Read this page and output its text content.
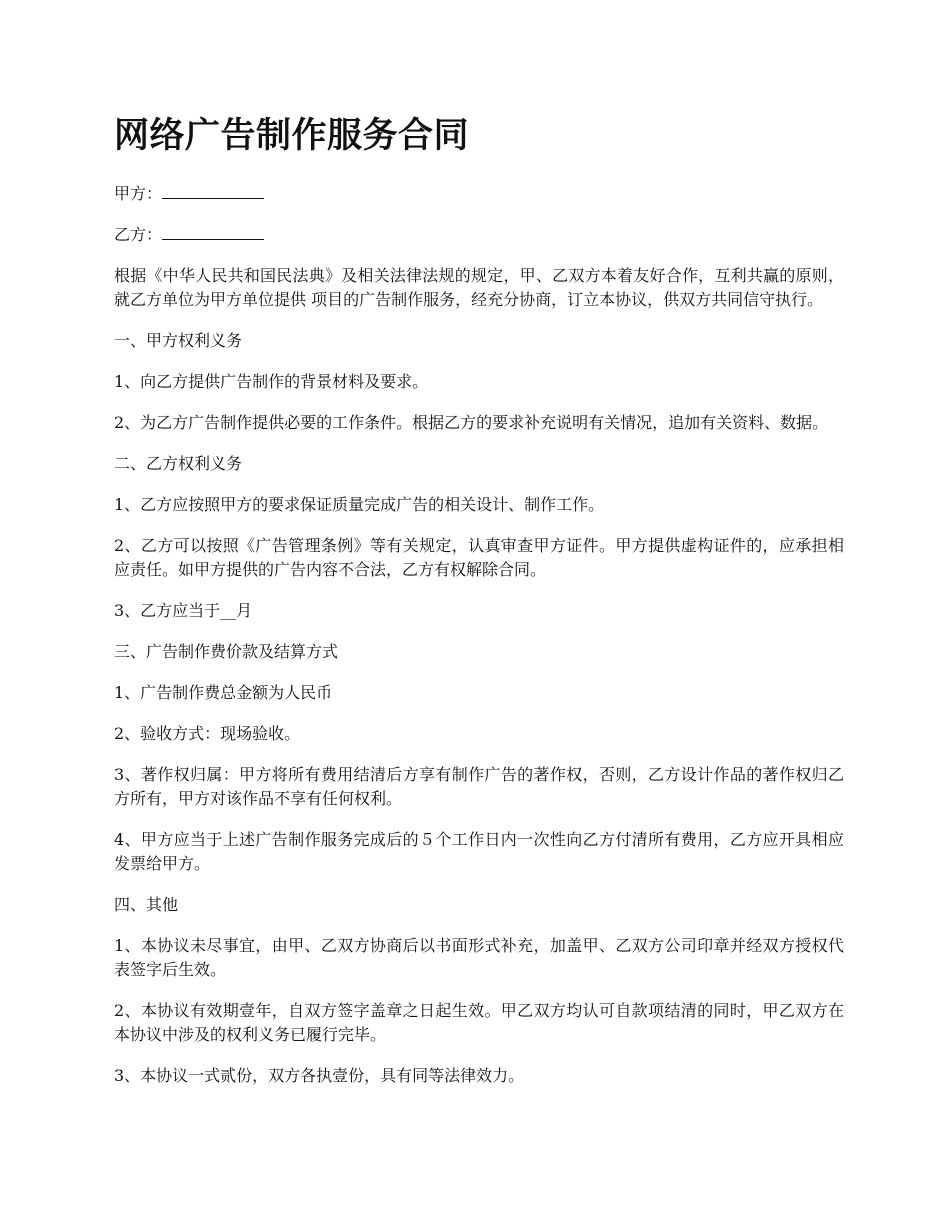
网络广告制作服务合同

甲方：

乙方：

根据《中华人民共和国民法典》及相关法律法规的规定，甲、乙双方本着友好合作，互利共赢的原则，就乙方单位为甲方单位提供 项目的广告制作服务，经充分协商，订立本协议，供双方共同信守执行。

一、甲方权利义务

1、向乙方提供广告制作的背景材料及要求。

2、为乙方广告制作提供必要的工作条件。根据乙方的要求补充说明有关情况，追加有关资料、数据。

二、乙方权利义务

1、乙方应按照甲方的要求保证质量完成广告的相关设计、制作工作。

2、乙方可以按照《广告管理条例》等有关规定，认真审查甲方证件。甲方提供虚构证件的，应承担相应责任。如甲方提供的广告内容不合法，乙方有权解除合同。

3、乙方应当于__月

三、广告制作费价款及结算方式

1、广告制作费总金额为人民币

2、验收方式：现场验收。

3、著作权归属：甲方将所有费用结清后方享有制作广告的著作权，否则，乙方设计作品的著作权归乙方所有，甲方对该作品不享有任何权利。

4、甲方应当于上述广告制作服务完成后的５个工作日内一次性向乙方付清所有费用，乙方应开具相应发票给甲方。

四、其他

1、本协议未尽事宜，由甲、乙双方协商后以书面形式补充，加盖甲、乙双方公司印章并经双方授权代表签字后生效。

2、本协议有效期壹年，自双方签字盖章之日起生效。甲乙双方均认可自款项结清的同时，甲乙双方在本协议中涉及的权利义务已履行完毕。

3、本协议一式贰份，双方各执壹份，具有同等法律效力。
